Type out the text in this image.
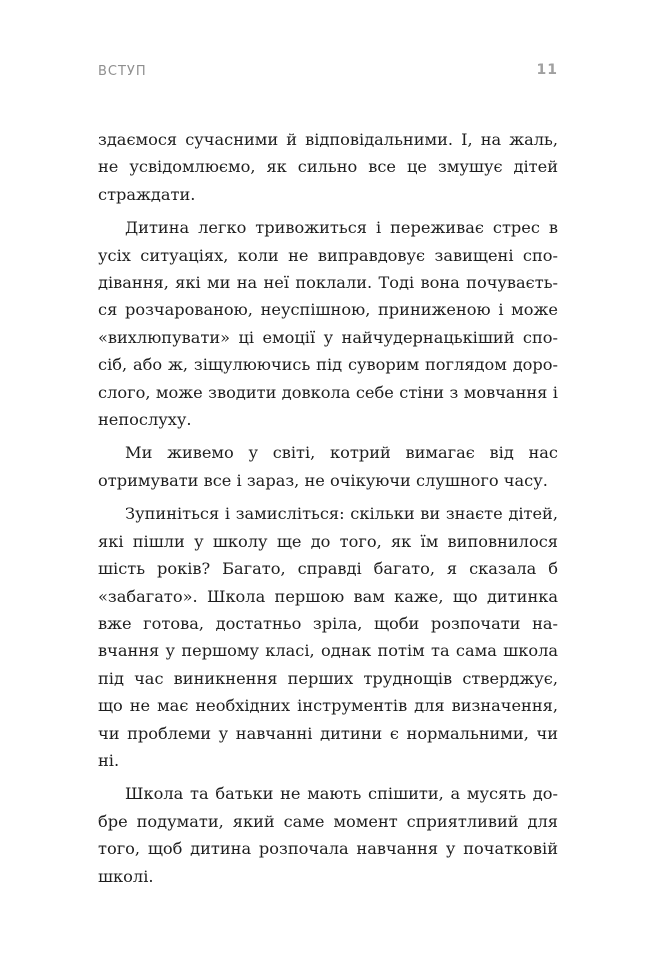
ВСТУП	11

здаємося сучасними й відповідальними. І, на жаль, не усвідомлюємо, як сильно все це змушує дітей страждати.

Дитина легко тривожиться і переживає стрес в усіх ситуаціях, коли не виправдовує завищені сподівання, які ми на неї поклали. Тоді вона почувається розчарованою, неуспішною, приниженою і може «вихлюпувати» ці емоції у найчудернацькіший спосіб, або ж, зіщулюючись під суворим поглядом дорослого, може зводити довкола себе стіни з мовчання і непослуху.

Ми живемо у світі, котрий вимагає від нас отримувати все і зараз, не очікуючи слушного часу.

Зупиніться і замисліться: скільки ви знаєте дітей, які пішли у школу ще до того, як їм виповнилося шість років? Багато, справді багато, я сказала б «забагато». Школа першою вам каже, що дитинка вже готова, достатньо зріла, щоби розпочати навчання у першому класі, однак потім та сама школа під час виникнення перших труднощів стверджує, що не має необхідних інструментів для визначення, чи проблеми у навчанні дитини є нормальними, чи ні.

Школа та батьки не мають спішити, а мусять добре подумати, який саме момент сприятливий для того, щоб дитина розпочала навчання у початковій школі.
